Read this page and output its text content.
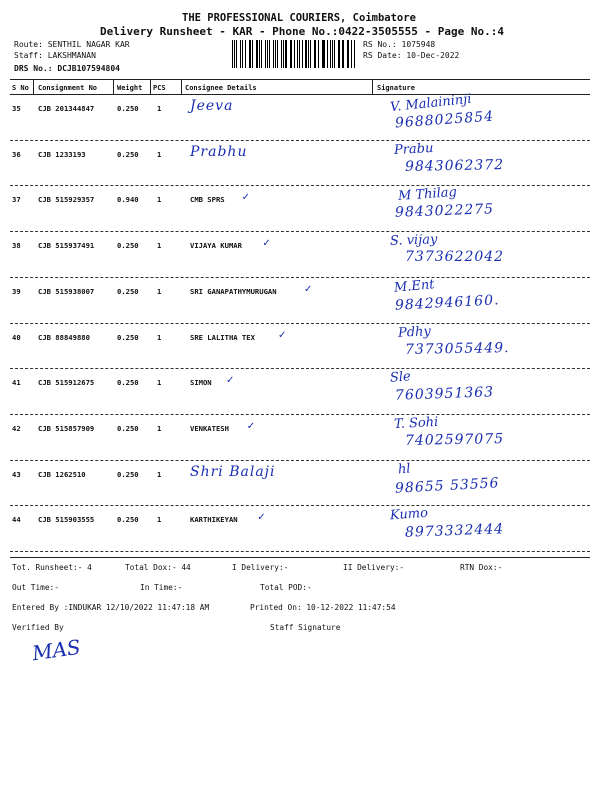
THE PROFESSIONAL COURIERS, Coimbatore
Delivery Runsheet - KAR - Phone No.:0422-3505555 - Page No.:4
Route: SENTHIL NAGAR KAR
Staff: LAKSHMANAN
DRS No.: DCJB107594804
RS No.: 1075948
RS Date: 10-Dec-2022
S No Consignment No	Weight PCS	Consignee Details	Signature
35 CJB 201344847	0.250	1 Jeeva	V. Malaininji
9688025854
36 CJB 1233193	0.250	1 Prabhu	Prabu
9843062372
37 CJB 515929357	0.940	1	CMB SPRS ✓	M Thilag
9843022275
38 CJB 515937491	0.250	1	VIJAYA KUMAR ✓	S. vijay
7373622042
39 CJB 515938007	0.250	1	SRI GANAPATHYMURUGAN	✓	M.Ent
9842946160.
40 CJB 88849880	0.250	1	SRE LALITHA TEX ✓	Pdhy
7373055449.
41 CJB 515912675	0.250	1	SIMON ✓	Sle
7603951363
42 CJB 515857909	0.250	1	VENKATESH ✓	T. Sohi
7402597075
43 CJB 1262510	0.250	1 Shri Balaji	hl
98655 53556
44 CJB 515903555	0.250	1	KARTHIKEYAN ✓	Kumo
8973332444
Tot. Runsheet:- 4	Total Dox:- 44	I Delivery:-	II Delivery:-	RTN Dox:-
Out Time:-	In Time:-	Total POD:-
Entered By :INDUKAR 12/10/2022 11:47:18 AM	Printed On: 10-12-2022 11:47:54
Verified By	Staff Signature
MAS
